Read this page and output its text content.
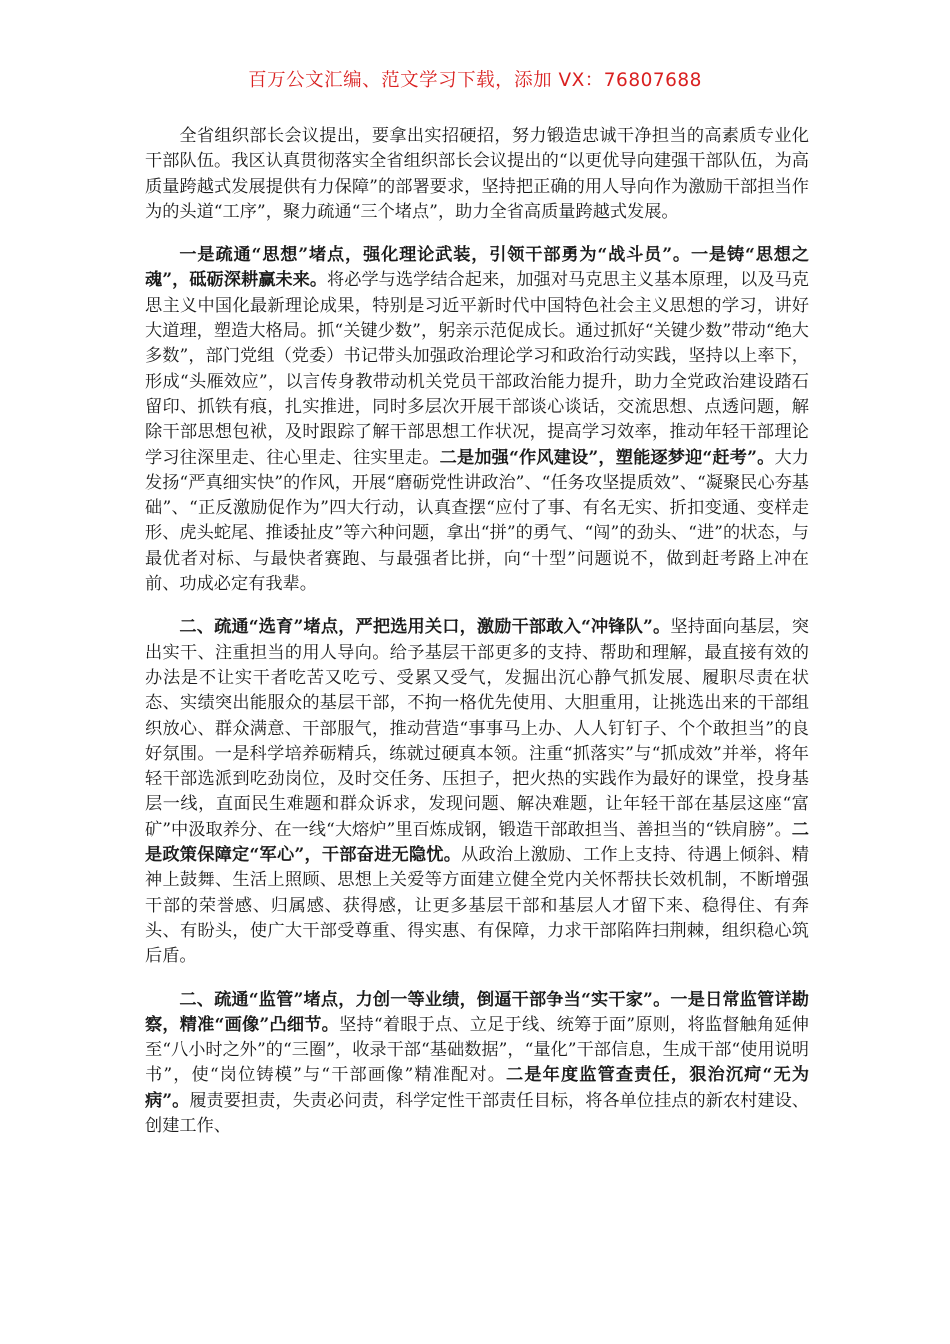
百万公文汇编、范文学习下载，添加 VX：76807688

全省组织部长会议提出，要拿出实招硬招，努力锻造忠诚干净担当的高素质专业化干部队伍。我区认真贯彻落实全省组织部长会议提出的“以更优导向建强干部队伍，为高质量跨越式发展提供有力保障”的部署要求，坚持把正确的用人导向作为激励干部担当作为的头道“工序”，聚力疏通“三个堵点”，助力全省高质量跨越式发展。

一是疏通“思想”堵点，强化理论武装，引领干部勇为“战斗员”。一是铸“思想之魂”，砥砺深耕赢未来。将必学与选学结合起来，加强对马克思主义基本原理，以及马克思主义中国化最新理论成果，特别是习近平新时代中国特色社会主义思想的学习，讲好大道理，塑造大格局。抓“关键少数”，躬亲示范促成长。通过抓好“关键少数”带动“绝大多数”，部门党组（党委）书记带头加强政治理论学习和政治行动实践，坚持以上率下，形成“头雁效应”，以言传身教带动机关党员干部政治能力提升，助力全党政治建设踏石留印、抓铁有痕，扎实推进，同时多层次开展干部谈心谈话，交流思想、点透问题，解除干部思想包袱，及时跟踪了解干部思想工作状况，提高学习效率，推动年轻干部理论学习往深里走、往心里走、往实里走。二是加强“作风建设”，塑能逐梦迎“赶考”。大力发扬“严真细实快”的作风，开展“磨砺党性讲政治”、“任务攻坚提质效”、“凝聚民心夯基础”、“正反激励促作为”四大行动，认真查摆“应付了事、有名无实、折扣变通、变样走形、虎头蛇尾、推诿扯皮”等六种问题，拿出“拼”的勇气、“闯”的劲头、“进”的状态，与最优者对标、与最快者赛跑、与最强者比拼，向“十型”问题说不，做到赶考路上冲在前、功成必定有我辈。

二、疏通“选育”堵点，严把选用关口，激励干部敢入“冲锋队”。坚持面向基层，突出实干、注重担当的用人导向。给予基层干部更多的支持、帮助和理解，最直接有效的办法是不让实干者吃苦又吃亏、受累又受气，发掘出沉心静气抓发展、履职尽责在状态、实绩突出能服众的基层干部，不拘一格优先使用、大胆重用，让挑选出来的干部组织放心、群众满意、干部服气，推动营造“事事马上办、人人钉钉子、个个敢担当”的良好氛围。一是科学培养砺精兵，练就过硬真本领。注重“抓落实”与“抓成效”并举，将年轻干部选派到吃劲岗位，及时交任务、压担子，把火热的实践作为最好的课堂，投身基层一线，直面民生难题和群众诉求，发现问题、解决难题，让年轻干部在基层这座“富矿”中汲取养分、在一线“大熔炉”里百炼成钢，锻造干部敢担当、善担当的“铁肩膀”。二是政策保障定“军心”，干部奋进无隐忧。从政治上激励、工作上支持、待遇上倾斜、精神上鼓舞、生活上照顾、思想上关爱等方面建立健全党内关怀帮扶长效机制，不断增强干部的荣誉感、归属感、获得感，让更多基层干部和基层人才留下来、稳得住、有奔头、有盼头，使广大干部受尊重、得实惠、有保障，力求干部陷阵扫荆棘，组织稳心筑后盾。

二、疏通“监管”堵点，力创一等业绩，倒逼干部争当“实干家”。一是日常监管详勘察，精准“画像”凸细节。坚持“着眼于点、立足于线、统筹于面”原则，将监督触角延伸至“八小时之外”的“三圈”，收录干部“基础数据”，“量化”干部信息，生成干部“使用说明书”，使“岗位铸模”与“干部画像”精准配对。二是年度监管查责任，狠治沉疴“无为病”。履责要担责，失责必问责，科学定性干部责任目标，将各单位挂点的新农村建设、创建工作、
